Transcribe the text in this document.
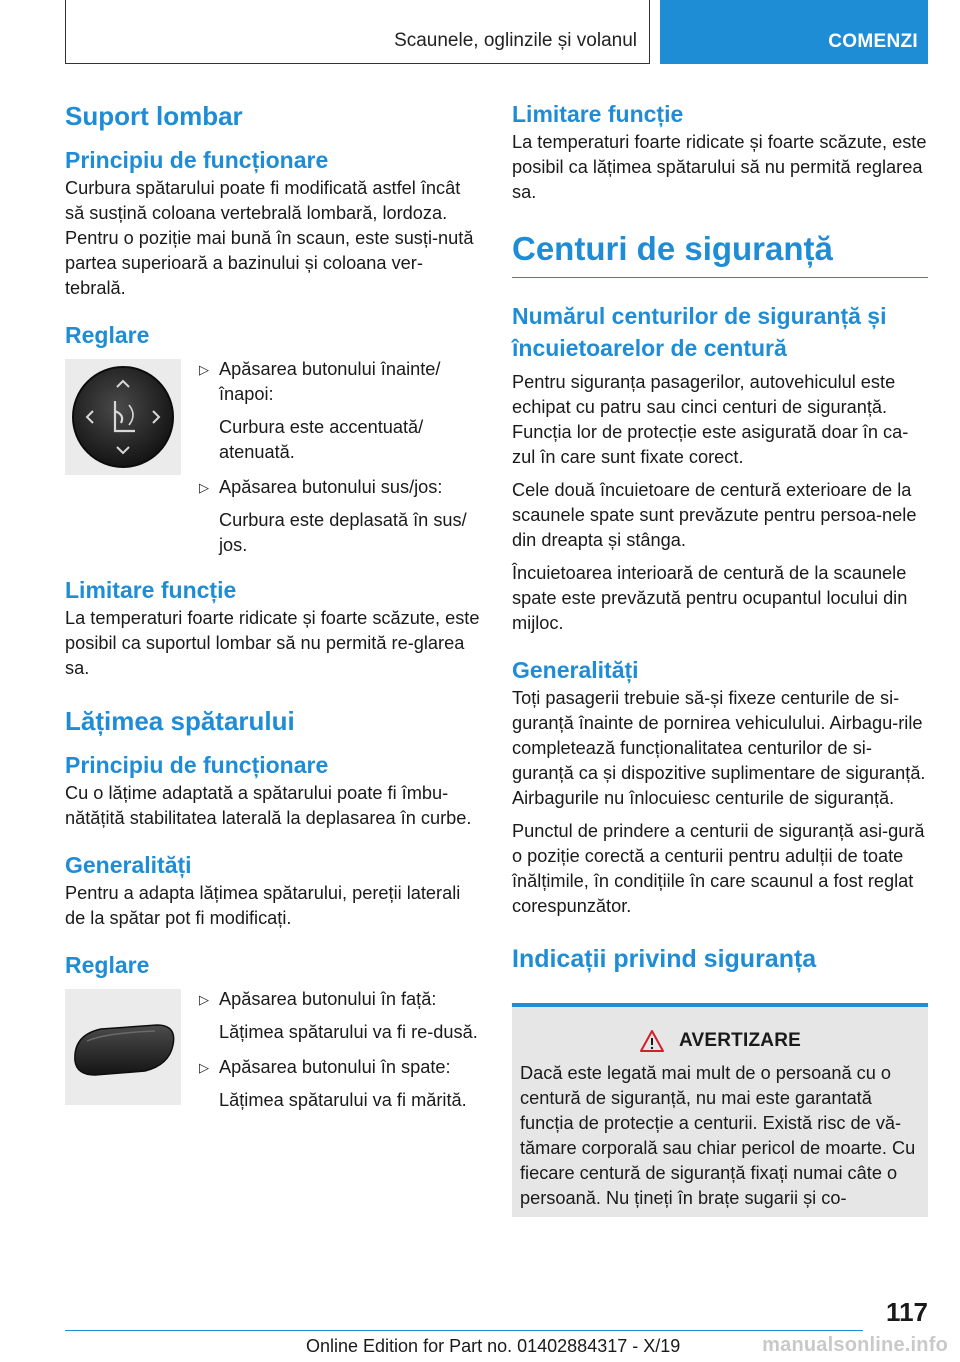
Scaunele, oglinzile și volanul	COMENZI
Suport lombar
Principiu de funcționare
Curbura spătarului poate fi modificată astfel încât să susțină coloana vertebrală lombară, lordoza. Pentru o poziție mai bună în scaun, este susți-nută partea superioară a bazinului și coloana ver-tebrală.
Reglare
▷ Apăsarea butonului înainte/ înapoi:
Curbura este accentuată/ atenuată.
▷ Apăsarea butonului sus/jos:
Curbura este deplasată în sus/ jos.
Limitare funcție
La temperaturi foarte ridicate și foarte scăzute, este posibil ca suportul lombar să nu permită re-glarea sa.
Lățimea spătarului
Principiu de funcționare
Cu o lățime adaptată a spătarului poate fi îmbu-nătățită stabilitatea laterală la deplasarea în curbe.
Generalități
Pentru a adapta lățimea spătarului, pereții laterali de la spătar pot fi modificați.
Reglare
▷ Apăsarea butonului în față:
Lățimea spătarului va fi re-dusă.
▷ Apăsarea butonului în spate:
Lățimea spătarului va fi mărită.
Limitare funcție
La temperaturi foarte ridicate și foarte scăzute, este posibil ca lățimea spătarului să nu permită reglarea sa.
Centuri de siguranță
Numărul centurilor de siguranță și încuietoarelor de centură
Pentru siguranța pasagerilor, autovehiculul este echipat cu patru sau cinci centuri de siguranță. Funcția lor de protecție este asigurată doar în ca-zul în care sunt fixate corect.
Cele două încuietoare de centură exterioare de la scaunele spate sunt prevăzute pentru persoa-nele din dreapta și stânga.
Încuietoarea interioară de centură de la scaunele spate este prevăzută pentru ocupantul locului din mijloc.
Generalități
Toți pasagerii trebuie să-și fixeze centurile de si-guranță înainte de pornirea vehiculului. Airbagu-rile completează funcționalitatea centurilor de si-guranță ca și dispozitive suplimentare de siguranță. Airbagurile nu înlocuiesc centurile de siguranță.
Punctul de prindere a centurii de siguranță asi-gură o poziție corectă a centurii pentru adulții de toate înălțimile, în condițiile în care scaunul a fost reglat corespunzător.
Indicații privind siguranța
AVERTIZARE
Dacă este legată mai mult de o persoană cu o centură de siguranță, nu mai este garantată funcția de protecție a centurii. Există risc de vă-tămare corporală sau chiar pericol de moarte. Cu fiecare centură de siguranță fixați numai câte o persoană. Nu țineți în brațe sugarii și co-
117
Online Edition for Part no. 01402884317 - X/19	manualsonline.info
